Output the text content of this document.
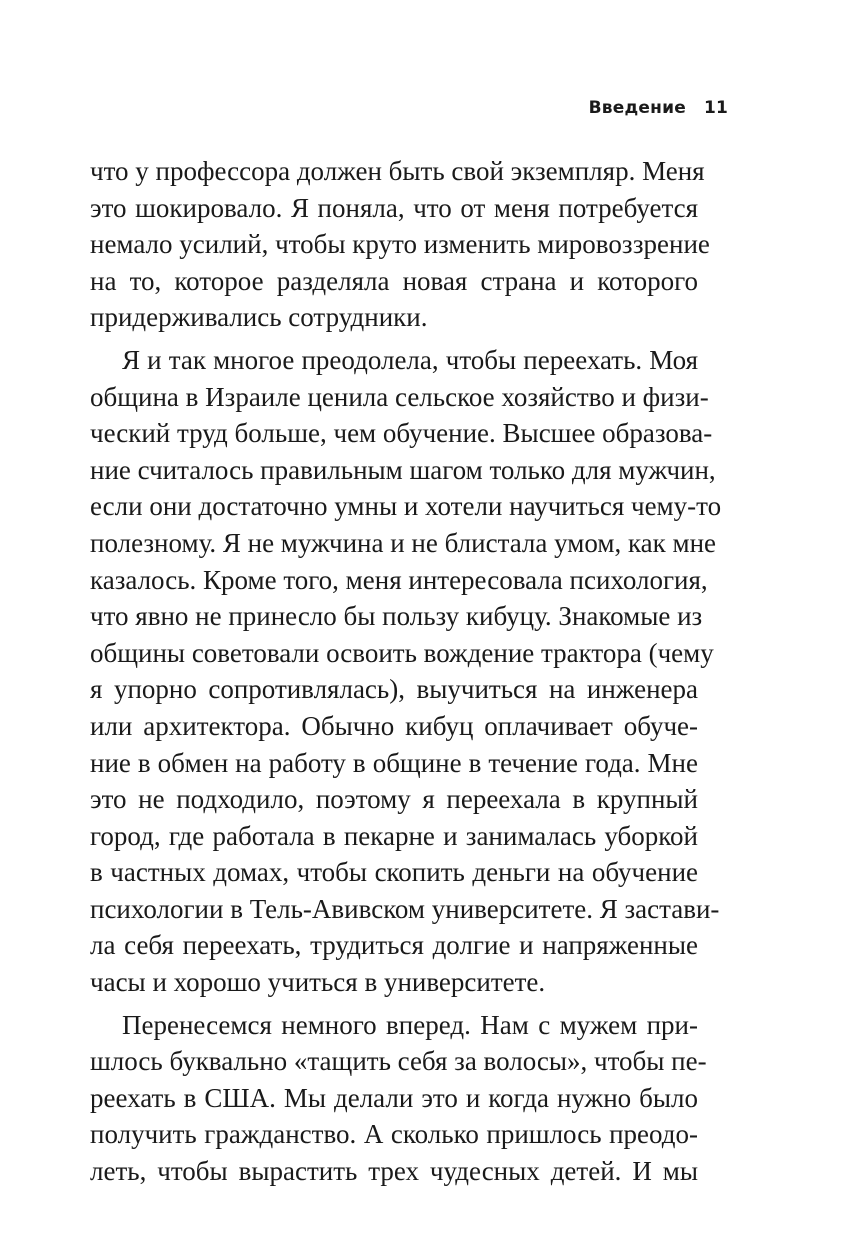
Введение 11
что у профессора должен быть свой экземпляр. Меня
это шокировало. Я поняла, что от меня потребуется
немало усилий, чтобы круто изменить мировоззрение
на то, которое разделяла новая страна и которого
придерживались сотрудники.
Я и так многое преодолела, чтобы переехать. Моя
община в Израиле ценила сельское хозяйство и физи-
ческий труд больше, чем обучение. Высшее образова-
ние считалось правильным шагом только для мужчин,
если они достаточно умны и хотели научиться чему-то
полезному. Я не мужчина и не блистала умом, как мне
казалось. Кроме того, меня интересовала психология,
что явно не принесло бы пользу кибуцу. Знакомые из
общины советовали освоить вождение трактора (чему
я упорно сопротивлялась), выучиться на инженера
или архитектора. Обычно кибуц оплачивает обуче-
ние в обмен на работу в общине в течение года. Мне
это не подходило, поэтому я переехала в крупный
город, где работала в пекарне и занималась уборкой
в частных домах, чтобы скопить деньги на обучение
психологии в Тель-Авивском университете. Я застави-
ла себя переехать, трудиться долгие и напряженные
часы и хорошо учиться в университете.
Перенесемся немного вперед. Нам с мужем при-
шлось буквально «тащить себя за волосы», чтобы пе-
реехать в США. Мы делали это и когда нужно было
получить гражданство. А сколько пришлось преодо-
леть, чтобы вырастить трех чудесных детей. И мы
